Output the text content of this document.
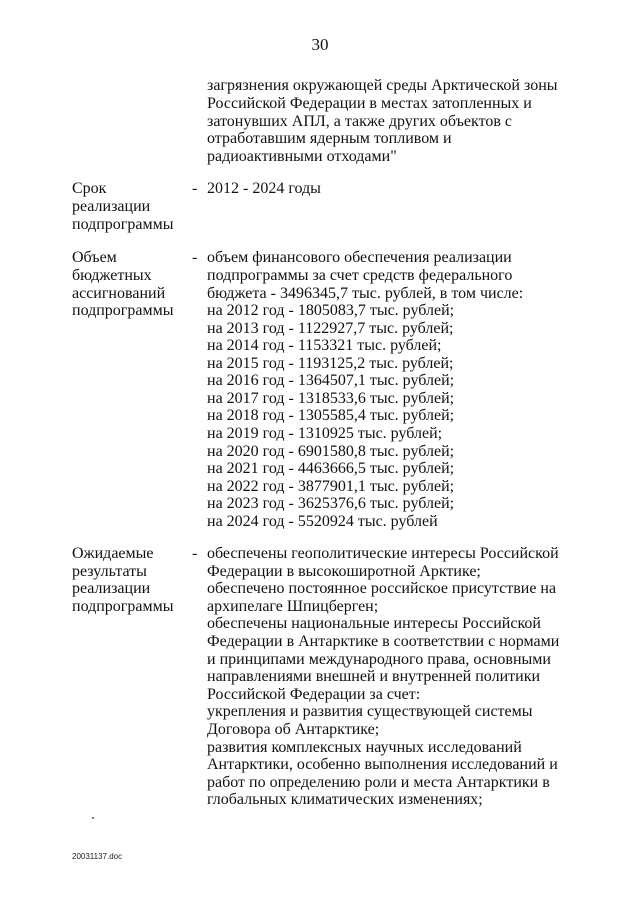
30
загрязнения окружающей среды Арктической зоны
Российской Федерации в местах затопленных и
затонувших АПЛ, а также других объектов с
отработавшим ядерным топливом и
радиоактивными отходами"
Срок
реализации
подпрограммы
- 2012 - 2024 годы
Объем
бюджетных
ассигнований
подпрограммы
- объем финансового обеспечения реализации
подпрограммы за счет средств федерального
бюджета - 3496345,7 тыс. рублей, в том числе:
на 2012 год - 1805083,7 тыс. рублей;
на 2013 год - 1122927,7 тыс. рублей;
на 2014 год - 1153321 тыс. рублей;
на 2015 год - 1193125,2 тыс. рублей;
на 2016 год - 1364507,1 тыс. рублей;
на 2017 год - 1318533,6 тыс. рублей;
на 2018 год - 1305585,4 тыс. рублей;
на 2019 год - 1310925 тыс. рублей;
на 2020 год - 6901580,8 тыс. рублей;
на 2021 год - 4463666,5 тыс. рублей;
на 2022 год - 3877901,1 тыс. рублей;
на 2023 год - 3625376,6 тыс. рублей;
на 2024 год - 5520924 тыс. рублей
Ожидаемые
результаты
реализации
подпрограммы
- обеспечены геополитические интересы Российской
Федерации в высокоширотной Арктике;
обеспечено постоянное российское присутствие на
архипелаге Шпицберген;
обеспечены национальные интересы Российской
Федерации в Антарктике в соответствии с нормами
и принципами международного права, основными
направлениями внешней и внутренней политики
Российской Федерации за счет:
укрепления и развития существующей системы
Договора об Антарктике;
развития комплексных научных исследований
Антарктики, особенно выполнения исследований и
работ по определению роли и места Антарктики в
глобальных климатических изменениях;
20031137.doc
